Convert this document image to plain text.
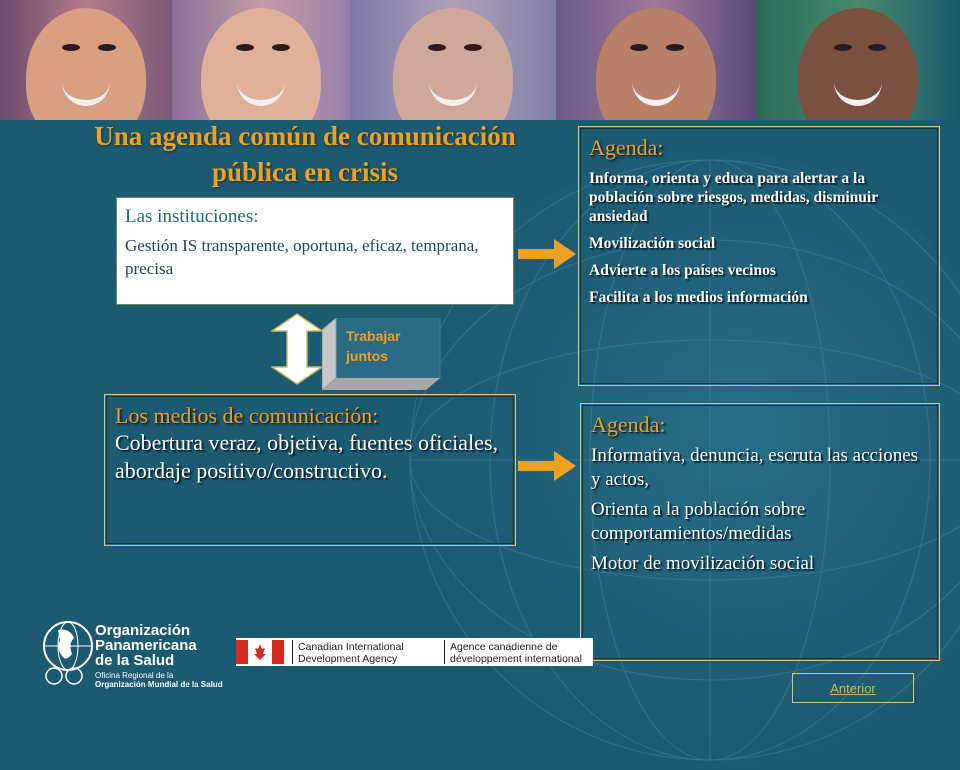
Una agenda común de comunicación
pública en crisis
Las instituciones:
Gestión IS transparente, oportuna, eficaz, temprana, precisa
Agenda:
Informa, orienta y educa para alertar a la población sobre riesgos, medidas, disminuir ansiedad
Movilización social
Advierte a los países vecinos
Facilita a los medios información
Trabajar
juntos
Los medios de comunicación:
Cobertura veraz, objetiva, fuentes oficiales, abordaje positivo/constructivo.
Agenda:
Informativa, denuncia, escruta las acciones y actos,
Orienta a la población sobre comportamientos/medidas
Motor de movilización social
Organización
Panamericana
de la Salud
Oficina Regional de la
Organización Mundial de la Salud
Canadian International
Development Agency
Agence canadienne de
développement international
Anterior
